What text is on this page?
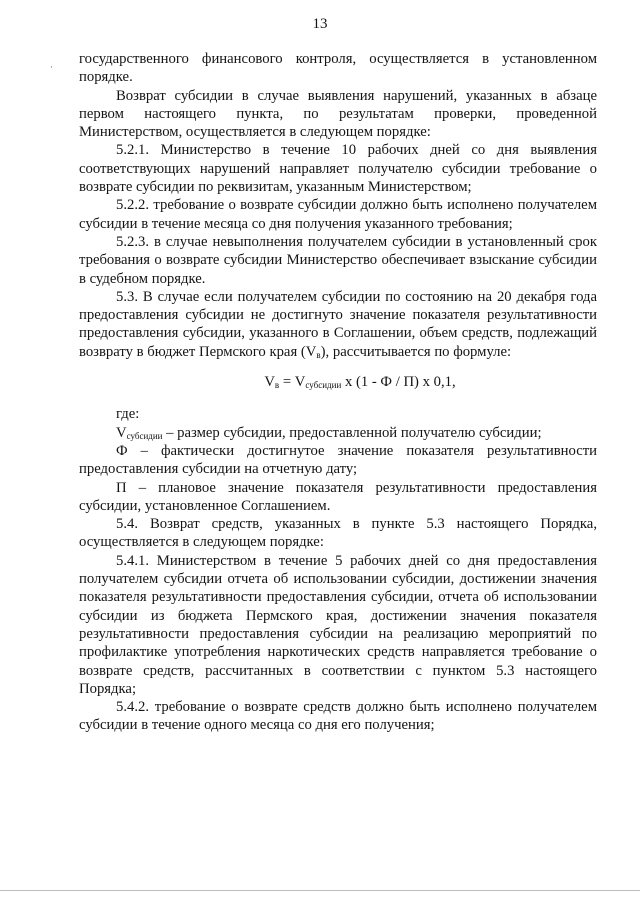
13
· государственного финансового контроля, осуществляется в установленном порядке.

Возврат субсидии в случае выявления нарушений, указанных в абзаце первом настоящего пункта, по результатам проверки, проведенной Министерством, осуществляется в следующем порядке:

5.2.1. Министерство в течение 10 рабочих дней со дня выявления соответствующих нарушений направляет получателю субсидии требование о возврате субсидии по реквизитам, указанным Министерством;

5.2.2. требование о возврате субсидии должно быть исполнено получателем субсидии в течение месяца со дня получения указанного требования;

5.2.3. в случае невыполнения получателем субсидии в установленный срок требования о возврате субсидии Министерство обеспечивает взыскание субсидии в судебном порядке.

5.3. В случае если получателем субсидии по состоянию на 20 декабря года предоставления субсидии не достигнуто значение показателя результативности предоставления субсидии, указанного в Соглашении, объем средств, подлежащий возврату в бюджет Пермского края $(V_в)$, рассчитывается по формуле:

$V_в = V_{субсидии}$ x (1 - Ф / П) x 0,1,

где:

$V_{субсидии}$ – размер субсидии, предоставленной получателю субсидии;

Ф – фактически достигнутое значение показателя результативности предоставления субсидии на отчетную дату;

П – плановое значение показателя результативности предоставления субсидии, установленное Соглашением.

5.4. Возврат средств, указанных в пункте 5.3 настоящего Порядка, осуществляется в следующем порядке:

5.4.1. Министерством в течение 5 рабочих дней со дня предоставления получателем субсидии отчета об использовании субсидии, достижении значения показателя результативности предоставления субсидии, отчета об использовании субсидии из бюджета Пермского края, достижении значения показателя результативности предоставления субсидии на реализацию мероприятий по профилактике употребления наркотических средств направляется требование о возврате средств, рассчитанных в соответствии с пунктом 5.3 настоящего Порядка;

5.4.2. требование о возврате средств должно быть исполнено получателем субсидии в течение одного месяца со дня его получения;
